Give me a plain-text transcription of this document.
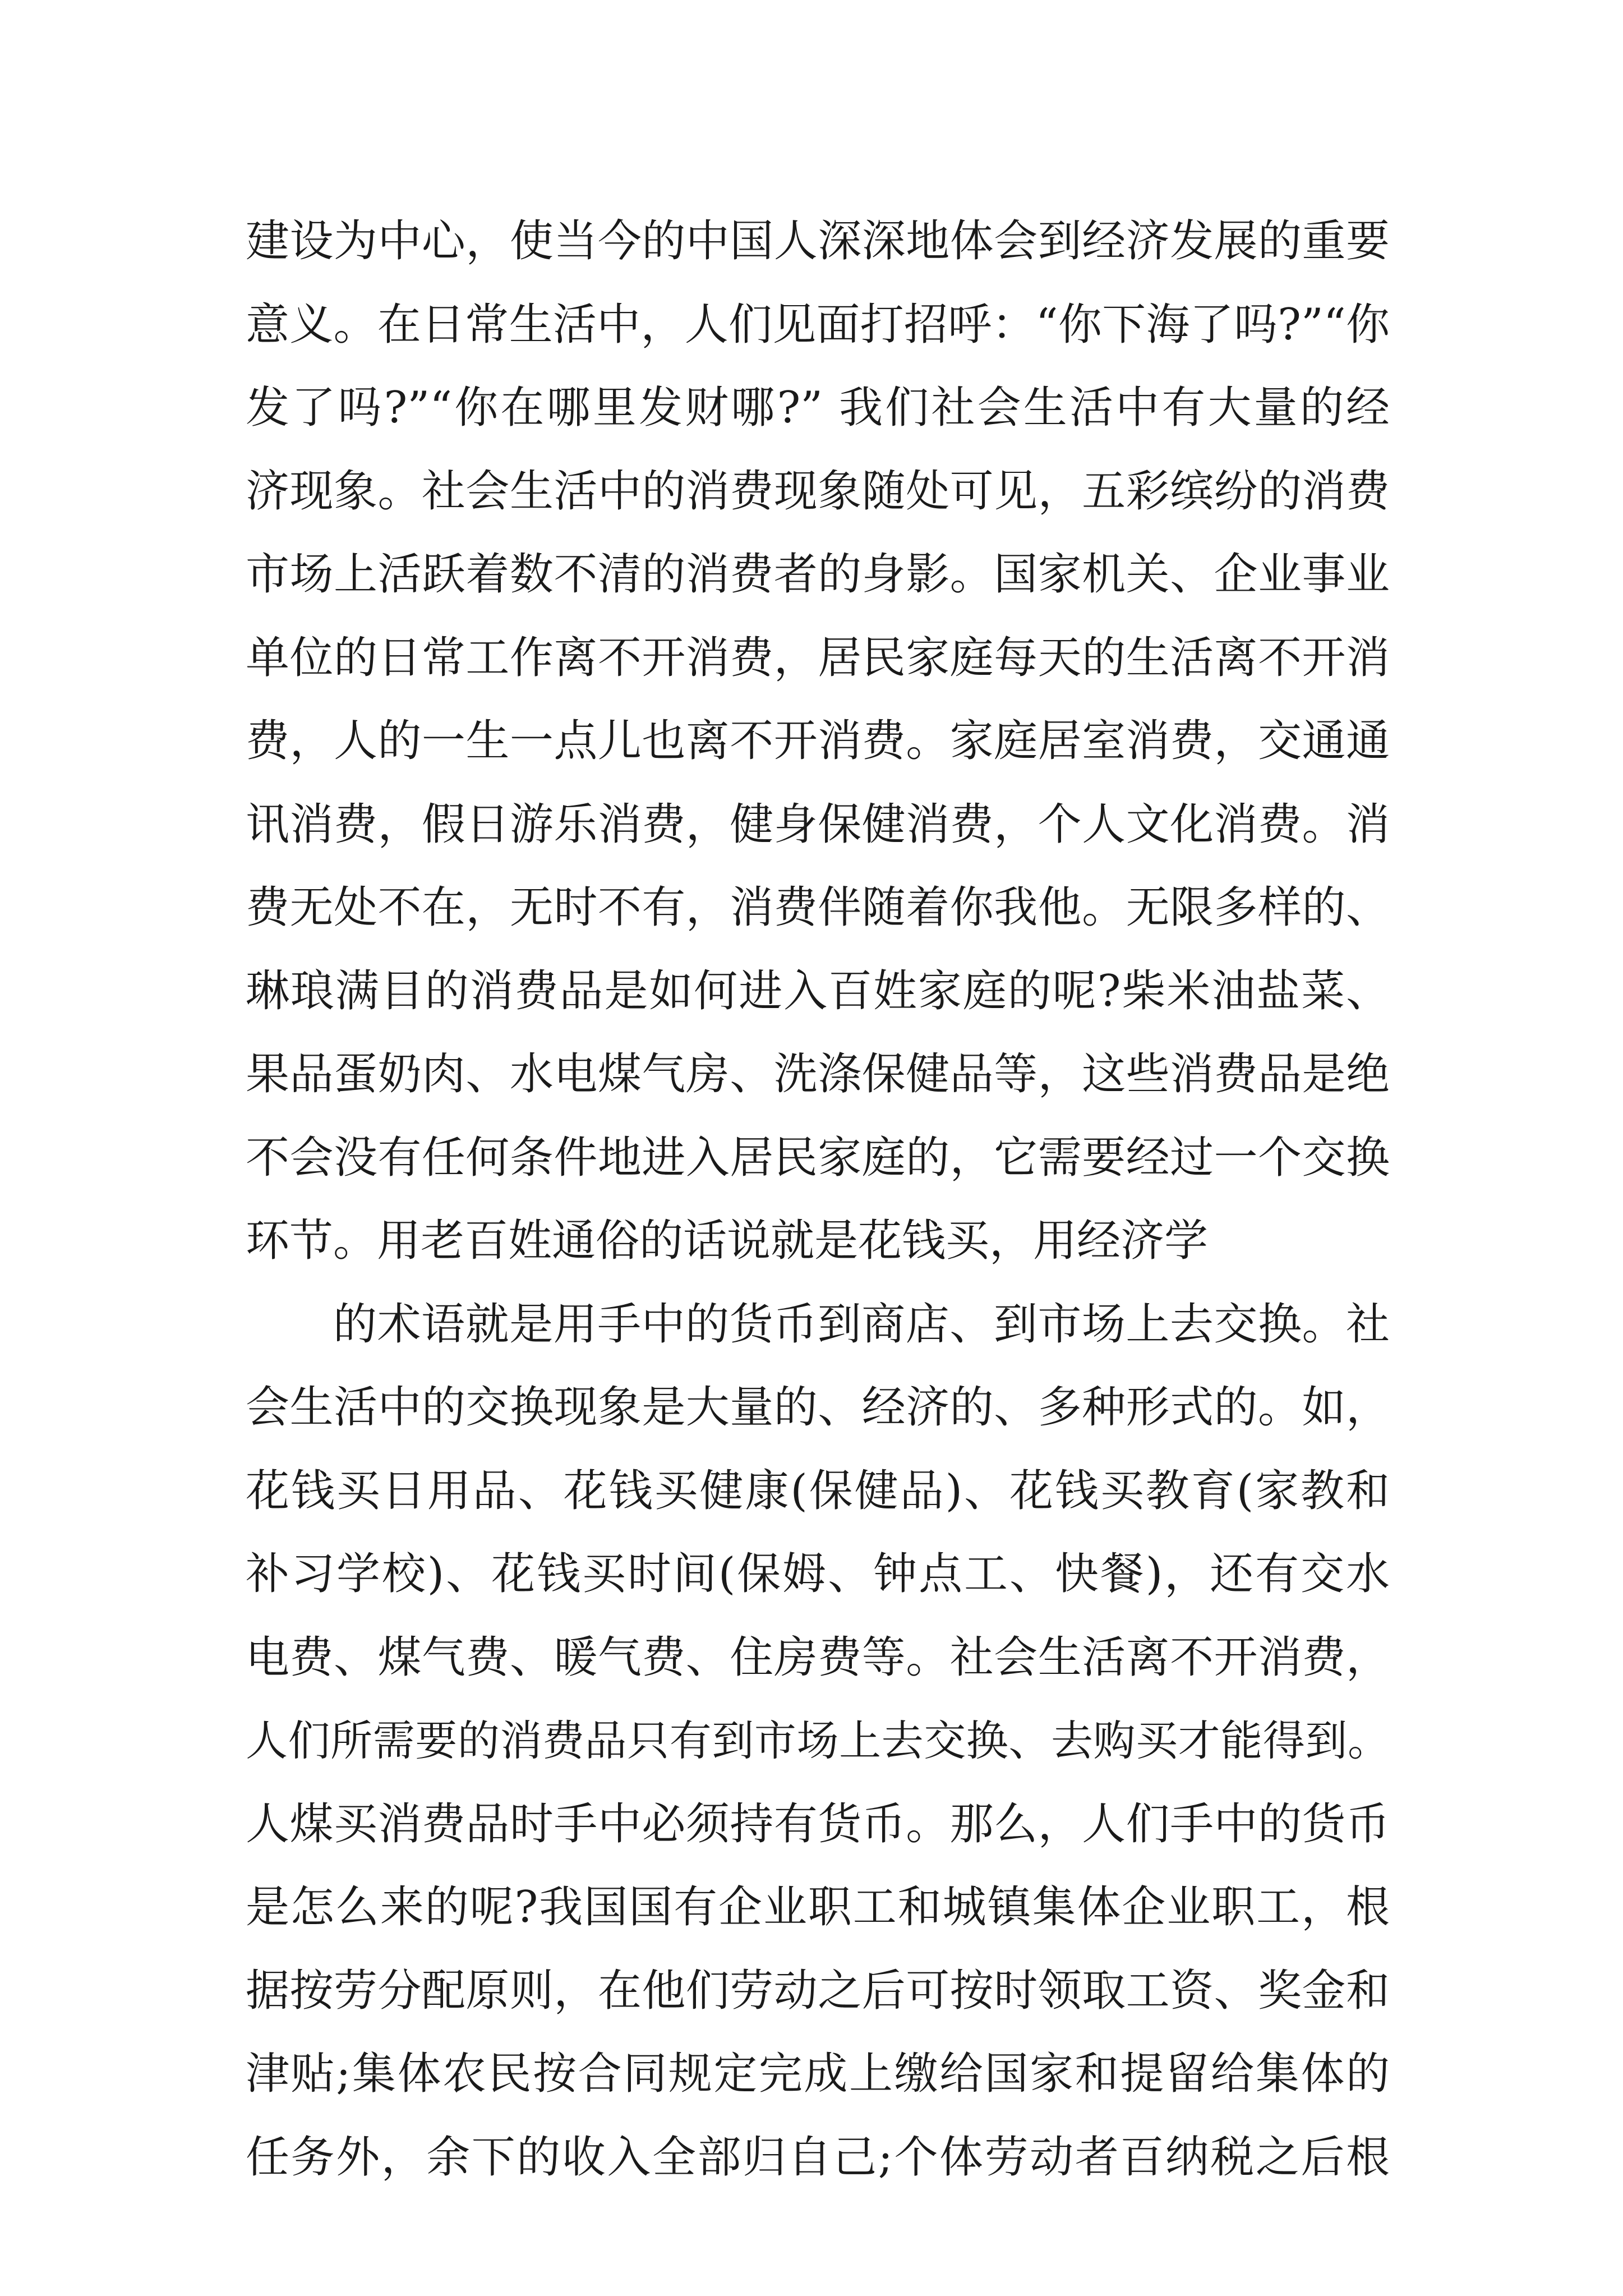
建设为中心，使当今的中国人深深地体会到经济发展的重要
意义。在日常生活中，人们见面打招呼：“你下海了吗?”“你
发了吗?”“你在哪里发财哪?” 我们社会生活中有大量的经
济现象。社会生活中的消费现象随处可见，五彩缤纷的消费
市场上活跃着数不清的消费者的身影。国家机关、企业事业
单位的日常工作离不开消费，居民家庭每天的生活离不开消
费，人的一生一点儿也离不开消费。家庭居室消费，交通通
讯消费，假日游乐消费，健身保健消费，个人文化消费。消
费无处不在，无时不有，消费伴随着你我他。无限多样的、
琳琅满目的消费品是如何进入百姓家庭的呢?柴米油盐菜、
果品蛋奶肉、水电煤气房、洗涤保健品等，这些消费品是绝
不会没有任何条件地进入居民家庭的，它需要经过一个交换
环节。用老百姓通俗的话说就是花钱买，用经济学
的术语就是用手中的货币到商店、到市场上去交换。社
会生活中的交换现象是大量的、经济的、多种形式的。如，
花钱买日用品、花钱买健康(保健品)、花钱买教育(家教和
补习学校)、花钱买时间(保姆、钟点工、快餐)，还有交水
电费、煤气费、暖气费、住房费等。社会生活离不开消费，
人们所需要的消费品只有到市场上去交换、去购买才能得到。
人煤买消费品时手中必须持有货币。那么，人们手中的货币
是怎么来的呢?我国国有企业职工和城镇集体企业职工，根
据按劳分配原则，在他们劳动之后可按时领取工资、奖金和
津贴;集体农民按合同规定完成上缴给国家和提留给集体的
任务外，余下的收入全部归自己;个体劳动者百纳税之后根
